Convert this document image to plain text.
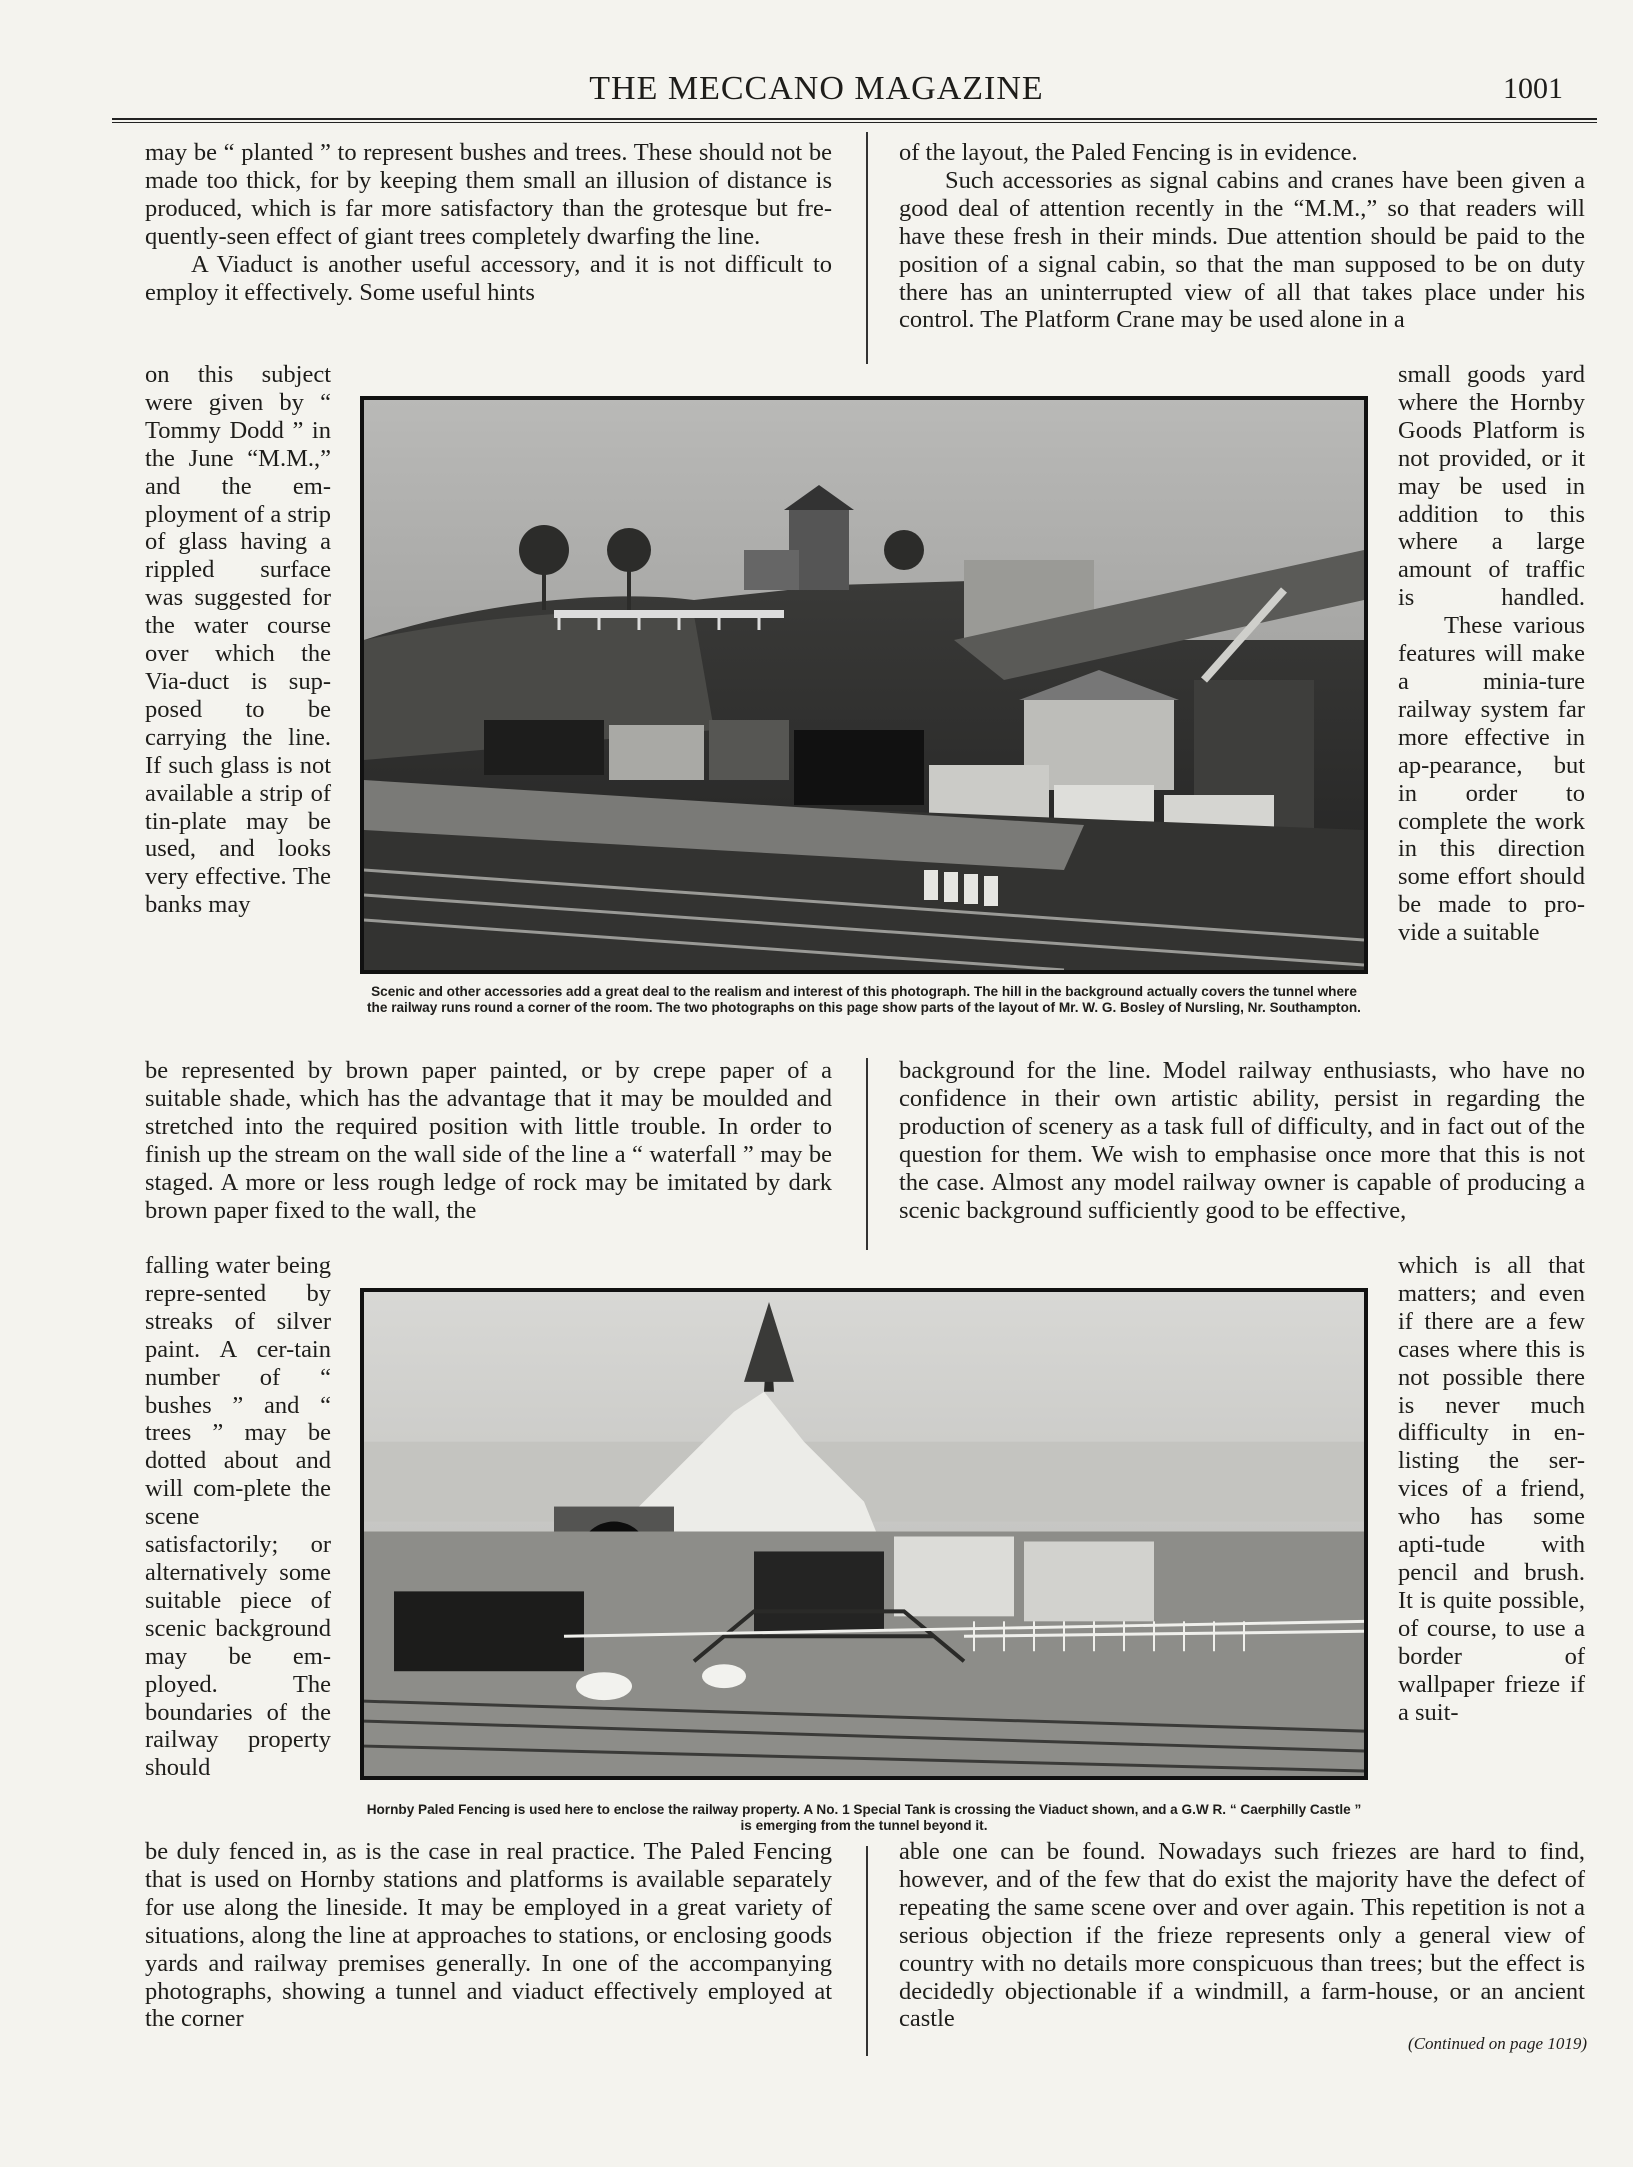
THE MECCANO MAGAZINE	1001

may be “ planted ” to represent bushes and trees. These should not be made too thick, for by keeping them small an illusion of distance is produced, which is far more satisfactory than the grotesque but fre-quently-seen effect of giant trees completely dwarfing the line.

A Viaduct is another useful accessory, and it is not difficult to employ it effectively. Some useful hints

on this subject were given by “ Tommy Dodd ” in the June “M.M.,” and the em-ployment of a strip of glass having a rippled surface was suggested for the water course over which the Via-duct is sup-posed to be carrying the line. If such glass is not available a strip of tin-plate may be used, and looks very effective. The banks may

be represented by brown paper painted, or by crepe paper of a suitable shade, which has the advantage that it may be moulded and stretched into the required position with little trouble. In order to finish up the stream on the wall side of the line a “ waterfall ” may be staged. A more or less rough ledge of rock may be imitated by dark brown paper fixed to the wall, the

falling water being repre-sented by streaks of silver paint. A cer-tain number of “ bushes ” and “ trees ” may be dotted about and will com-plete the scene satisfactorily; or alternatively some suitable piece of scenic background may be em-ployed. The boundaries of the railway property should

be duly fenced in, as is the case in real practice. The Paled Fencing that is used on Hornby stations and platforms is available separately for use along the lineside. It may be employed in a great variety of situations, along the line at approaches to stations, or enclosing goods yards and railway premises generally. In one of the accompanying photographs, showing a tunnel and viaduct effectively employed at the corner

of the layout, the Paled Fencing is in evidence.

Such accessories as signal cabins and cranes have been given a good deal of attention recently in the “M.M.,” so that readers will have these fresh in their minds. Due attention should be paid to the position of a signal cabin, so that the man supposed to be on duty there has an uninterrupted view of all that takes place under his control. The Platform Crane may be used alone in a

small goods yard where the Hornby Goods Platform is not provided, or it may be used in addition to this where a large amount of traffic is handled.

These various features will make a minia-ture railway system far more effective in ap-pearance, but in order to complete the work in this direction some effort should be made to pro-vide a suitable

background for the line. Model railway enthusiasts, who have no confidence in their own artistic ability, persist in regarding the production of scenery as a task full of difficulty, and in fact out of the question for them. We wish to emphasise once more that this is not the case. Almost any model railway owner is capable of producing a scenic background sufficiently good to be effective,

which is all that matters; and even if there are a few cases where this is not possible there is never much difficulty in en-listing the ser-vices of a friend, who has some apti-tude with pencil and brush. It is quite possible, of course, to use a border of wallpaper frieze if a suit-

able one can be found. Nowadays such friezes are hard to find, however, and of the few that do exist the majority have the defect of repeating the same scene over and over again. This repetition is not a serious objection if the frieze represents only a general view of country with no details more conspicuous than trees; but the effect is decidedly objectionable if a windmill, a farm-house, or an ancient castle

(Continued on page 1019)
Scenic and other accessories add a great deal to the realism and interest of this photograph. The hill in the background actually covers the tunnel where the railway runs round a corner of the room. The two photographs on this page show parts of the layout of Mr. W. G. Bosley of Nursling, Nr. Southampton.
Hornby Paled Fencing is used here to enclose the railway property. A No. 1 Special Tank is crossing the Viaduct shown, and a G.W R. “ Caerphilly Castle ” is emerging from the tunnel beyond it.
